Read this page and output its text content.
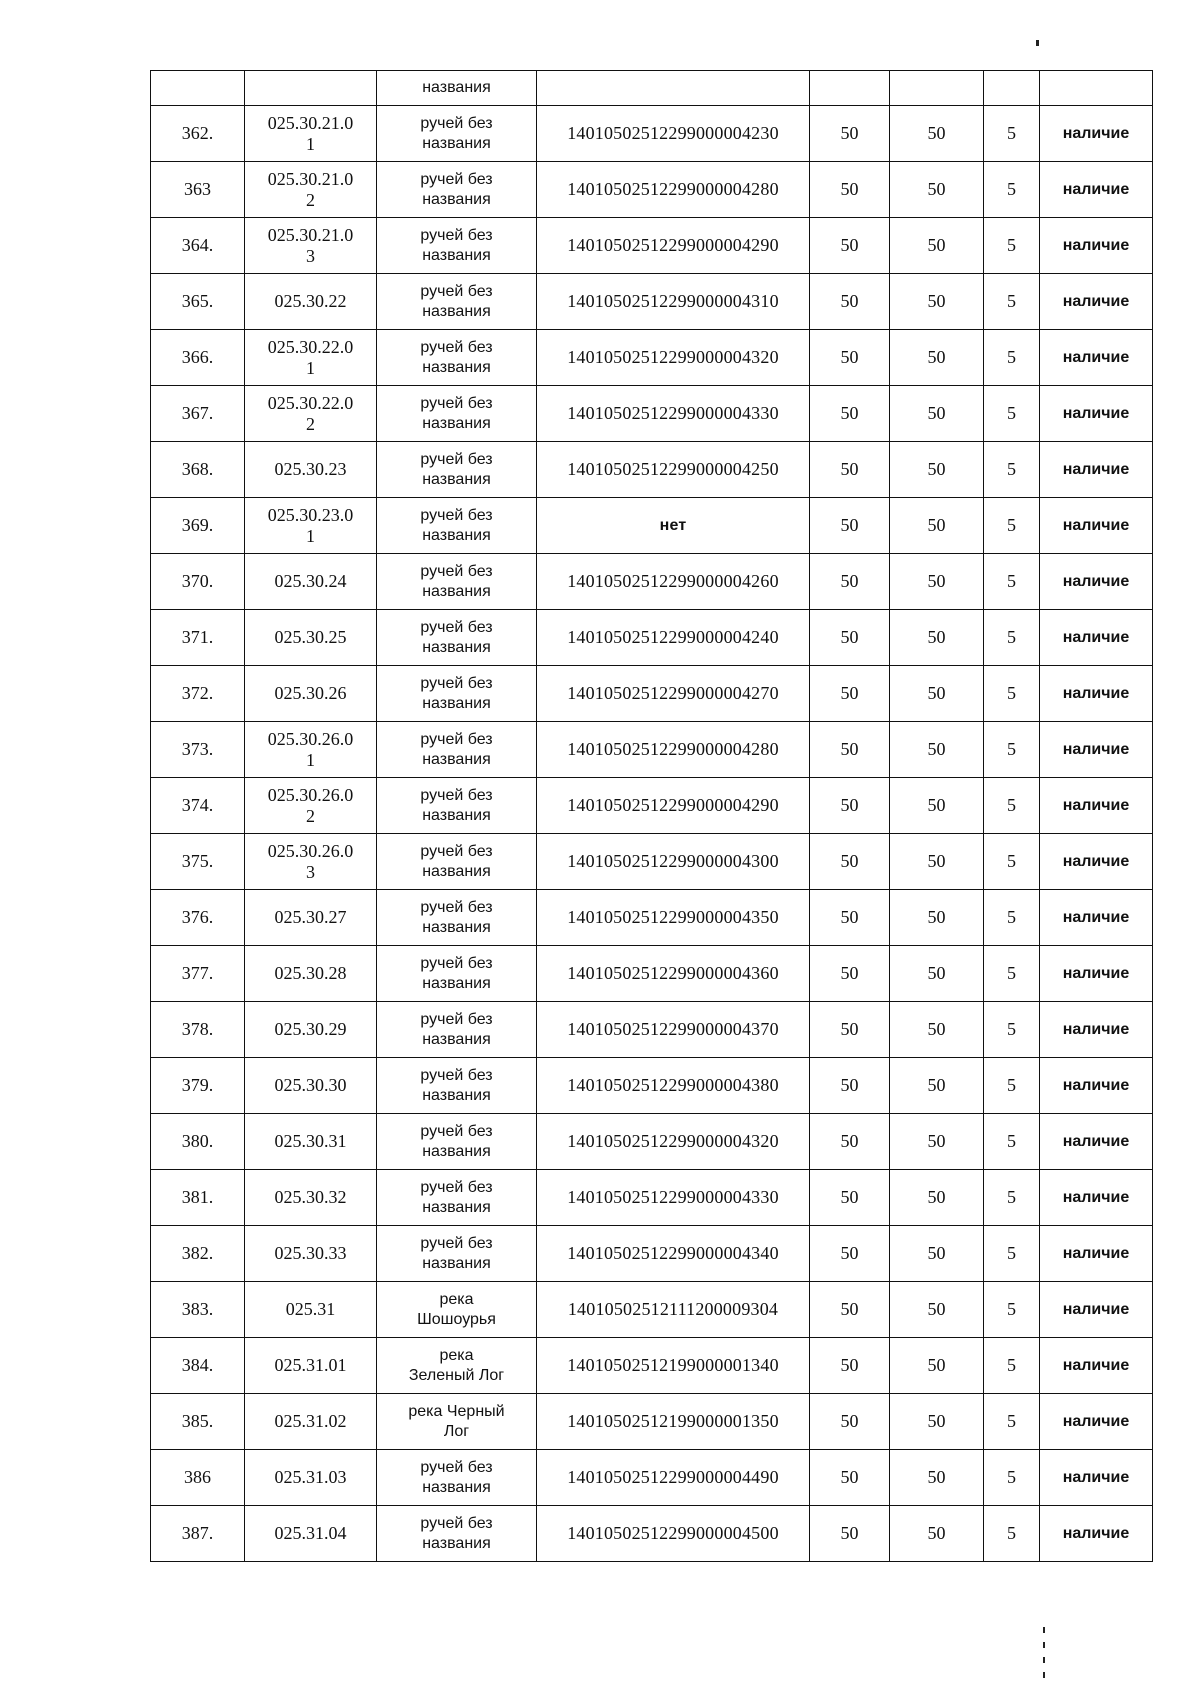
		названия					
362.	025.30.21.0
1	ручей без
названия	14010502512299000004230	50	50	5	наличие
363	025.30.21.0
2	ручей без
названия	14010502512299000004280	50	50	5	наличие
364.	025.30.21.0
3	ручей без
названия	14010502512299000004290	50	50	5	наличие
365.	025.30.22	ручей без
названия	14010502512299000004310	50	50	5	наличие
366.	025.30.22.0
1	ручей без
названия	14010502512299000004320	50	50	5	наличие
367.	025.30.22.0
2	ручей без
названия	14010502512299000004330	50	50	5	наличие
368.	025.30.23	ручей без
названия	14010502512299000004250	50	50	5	наличие
369.	025.30.23.0
1	ручей без
названия	нет	50	50	5	наличие
370.	025.30.24	ручей без
названия	14010502512299000004260	50	50	5	наличие
371.	025.30.25	ручей без
названия	14010502512299000004240	50	50	5	наличие
372.	025.30.26	ручей без
названия	14010502512299000004270	50	50	5	наличие
373.	025.30.26.0
1	ручей без
названия	14010502512299000004280	50	50	5	наличие
374.	025.30.26.0
2	ручей без
названия	14010502512299000004290	50	50	5	наличие
375.	025.30.26.0
3	ручей без
названия	14010502512299000004300	50	50	5	наличие
376.	025.30.27	ручей без
названия	14010502512299000004350	50	50	5	наличие
377.	025.30.28	ручей без
названия	14010502512299000004360	50	50	5	наличие
378.	025.30.29	ручей без
названия	14010502512299000004370	50	50	5	наличие
379.	025.30.30	ручей без
названия	14010502512299000004380	50	50	5	наличие
380.	025.30.31	ручей без
названия	14010502512299000004320	50	50	5	наличие
381.	025.30.32	ручей без
названия	14010502512299000004330	50	50	5	наличие
382.	025.30.33	ручей без
названия	14010502512299000004340	50	50	5	наличие
383.	025.31	река
Шошоурья	14010502512111200009304	50	50	5	наличие
384.	025.31.01	река
Зеленый Лог	14010502512199000001340	50	50	5	наличие
385.	025.31.02	река Черный
Лог	14010502512199000001350	50	50	5	наличие
386	025.31.03	ручей без
названия	14010502512299000004490	50	50	5	наличие
387.	025.31.04	ручей без
названия	14010502512299000004500	50	50	5	наличие
